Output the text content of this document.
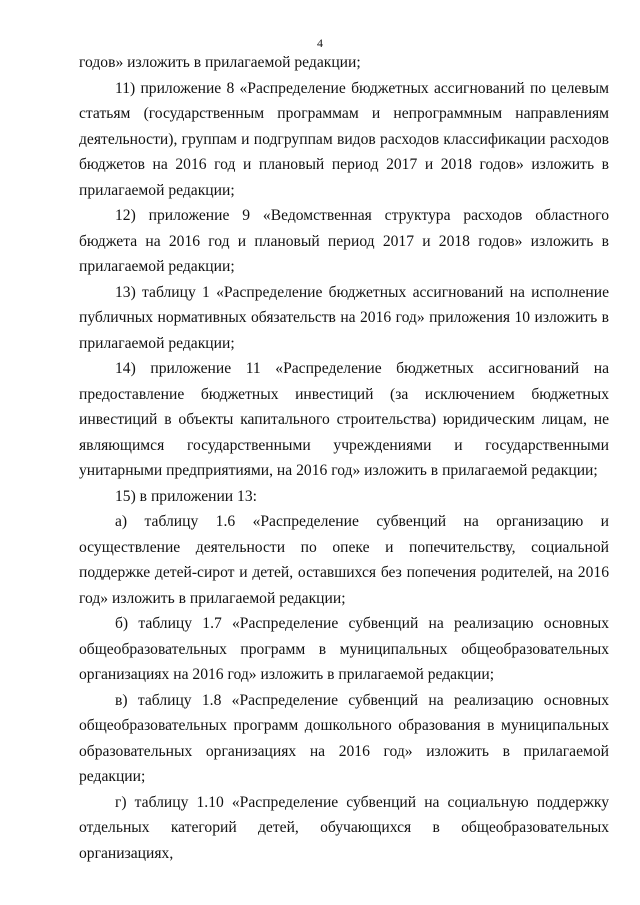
4

годов» изложить в прилагаемой редакции;

11) приложение 8 «Распределение бюджетных ассигнований по целевым статьям (государственным программам и непрограммным направлениям деятельности), группам и подгруппам видов расходов классификации расходов бюджетов на 2016 год и плановый период 2017 и 2018 годов» изложить в прилагаемой редакции;

12) приложение 9 «Ведомственная структура расходов областного бюджета на 2016 год и плановый период 2017 и 2018 годов» изложить в прилагаемой редакции;

13) таблицу 1 «Распределение бюджетных ассигнований на исполнение публичных нормативных обязательств на 2016 год» приложения 10 изложить в прилагаемой редакции;

14) приложение 11 «Распределение бюджетных ассигнований на предоставление бюджетных инвестиций (за исключением бюджетных инвестиций в объекты капитального строительства) юридическим лицам, не являющимся государственными учреждениями и государственными унитарными предприятиями, на 2016 год» изложить в прилагаемой редакции;

15) в приложении 13:

а) таблицу 1.6 «Распределение субвенций на организацию и осуществление деятельности по опеке и попечительству, социальной поддержке детей-сирот и детей, оставшихся без попечения родителей, на 2016 год» изложить в прилагаемой редакции;

б) таблицу 1.7 «Распределение субвенций на реализацию основных общеобразовательных программ в муниципальных общеобразовательных организациях на 2016 год» изложить в прилагаемой редакции;

в) таблицу 1.8 «Распределение субвенций на реализацию основных общеобразовательных программ дошкольного образования в муниципальных образовательных организациях на 2016 год» изложить в прилагаемой редакции;

г) таблицу 1.10 «Распределение субвенций на социальную поддержку отдельных категорий детей, обучающихся в общеобразовательных организациях,
